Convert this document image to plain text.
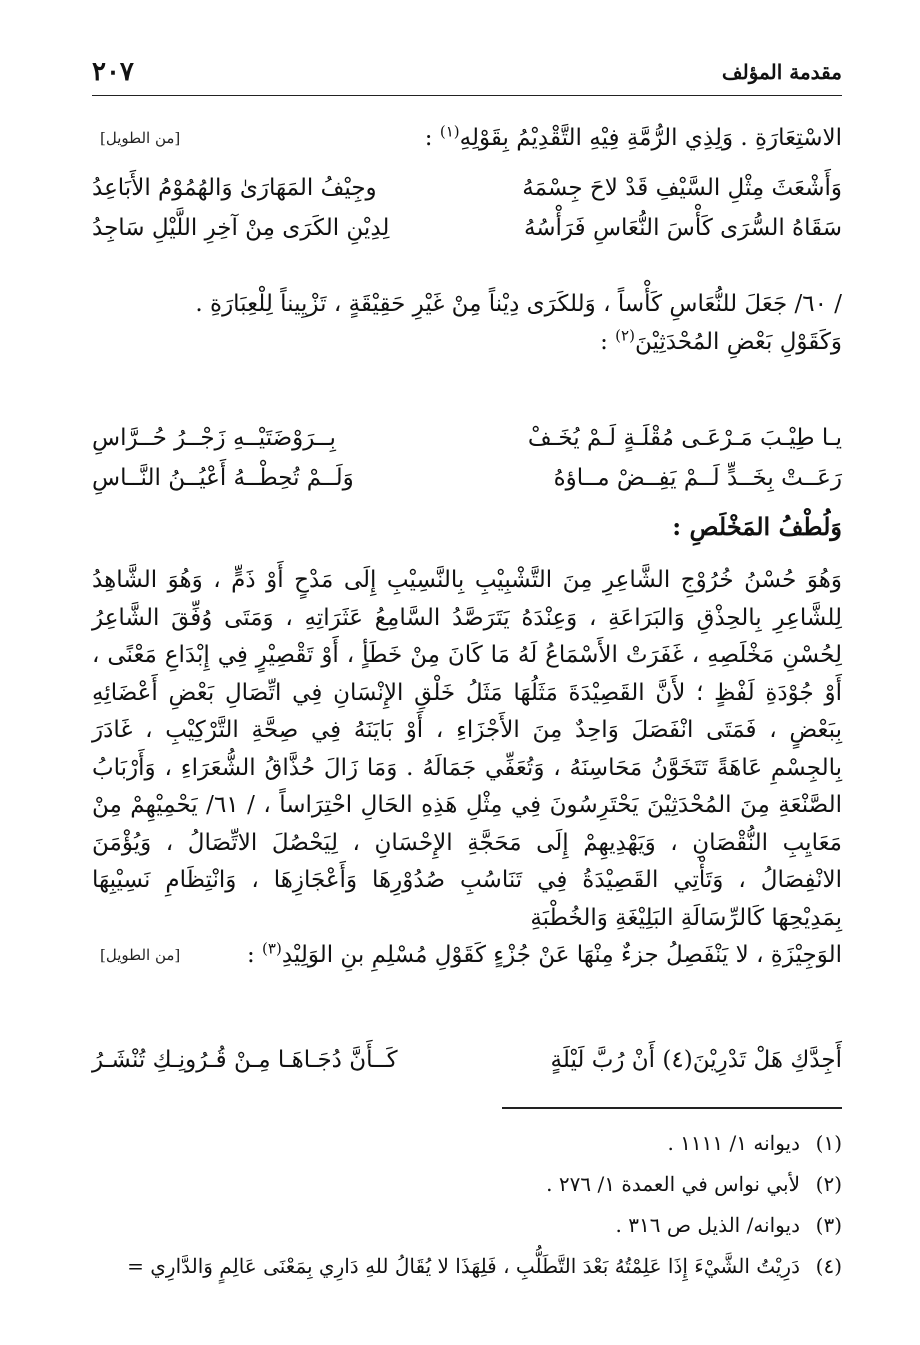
مقدمة المؤلف
٢٠٧
[من الطويل]	الاسْتِعَارَةِ . وَلِذِي الرُّمَّةِ فِيْهِ التَّقْدِيْمُ بِقَوْلِهِ$^{(١)}$ :
وَأَشْعَثَ مِثْلِ السَّيْفِ قَدْ لاحَ جِسْمَهُ
وجِيْفُ المَهَارَىٰ وَالهُمُوْمُ الأَبَاعِدُ
سَقَاهُ السُّرَى كَأْسَ النُّعَاسِ فَرَأْسُهُ
لِدِيْنِ الكَرَى مِنْ آخِرِ اللَّيْلِ سَاجِدُ

/ ٦٠/ جَعَلَ للنُّعَاسِ كَأْساً ، وَللكَرَى دِيْناً مِنْ غَيْرِ حَقِيْقَةٍ ، تَزْيِيناً لِلْعِبَارَةِ .

وَكَقَوْلِ بَعْضِ المُحْدَثِيْنَ$^{(٢)}$ :

يـا طِيْـبَ مَـرْعَـى مُقْلَـةٍ لَـمْ يُخَـفْ
بِــرَوْضَتَيْــهِ زَجْــرُ حُــرَّاسِ
رَعَــتْ بِخَــدٍّ لَــمْ يَفِــضْ مــاؤهُ
وَلَــمْ تُحِطْــهُ أَعْيُــنُ النَّــاسِ
وَلُطْفُ المَخْلَصِ :

وَهُوَ حُسْنُ خُرُوْجِ الشَّاعِرِ مِنَ التَّشْبِيْبِ بِالنَّسِيْبِ إِلَى مَدْحٍ أَوْ ذَمٍّ ، وَهُوَ الشَّاهِدُ لِلشَّاعِرِ بِالحِذْقِ وَالبَرَاعَةِ ، وَعِنْدَهُ يَتَرَصَّدُ السَّامِعُ عَثَرَاتِهِ ، وَمَتَى وُفِّقَ الشَّاعِرُ لِحُسْنِ مَخْلَصِهِ ، غَفَرَتْ الأَسْمَاعُ لَهُ مَا كَانَ مِنْ خَطَأٍ ، أَوْ تَقْصِيْرٍ فِي إِبْدَاعِ مَعْنًى ، أَوْ جُوْدَةِ لَفْظٍ ؛ لأَنَّ القَصِيْدَةَ مَثَلُهَا مَثَلُ خَلْقِ الإِنْسَانِ فِي اتِّصَالِ بَعْضِ أَعْضَائِهِ بِبَعْضٍ ، فَمَتَى انْفَصَلَ وَاحِدٌ مِنَ الأَجْزَاءِ ، أَوْ بَايَنَهُ فِي صِحَّةِ التَّرْكِيْبِ ، غَادَرَ بِالجِسْمِ عَاهَةً تَتَخَوَّنُ مَحَاسِنَهُ ، وَتُعَفِّي جَمَالَهُ . وَمَا زَالَ حُذَّاقُ الشُّعَرَاءِ ، وَأَرْبَابُ الصَّنْعَةِ مِنَ المُحْدَثِيْنَ يَحْتَرِسُونَ فِي مِثْلِ هَذِهِ الحَالِ احْتِرَاساً ، / ٦١/ يَحْمِيْهِمْ مِنْ مَعَايِبِ النُّقْصَانِ ، وَيَهْدِيهِمْ إِلَى مَحَجَّةِ الإِحْسَانِ ، لِيَحْصُلَ الاتِّصَالُ ، وَيُؤْمَنَ الانْفِصَالُ ، وَتَأْتِي القَصِيْدَةُ فِي تَنَاسُبِ صُدُوْرِهَا وَأَعْجَازِهَا ، وَانْتِظَامِ نَسِيْبِهَا بِمَدِيْحِهَا كَالرِّسَالَةِ البَلِيْغَةِ وَالخُطْبَةِ

[من الطويل]	الوَجِيْزَةِ ، لا يَنْفَصِلُ جزءٌ مِنْهَا عَنْ جُزْءٍ كَقَوْلِ مُسْلِمِ بنِ الوَلِيْدِ$^{(٣)}$ :

أَجِدَّكِ هَلْ تَدْرِيْنَ(٤) أَنْ رُبَّ لَيْلَةٍ
كَــأَنَّ دُجَـاهَـا مِـنْ قُـرُونِـكِ تُنْشَـرُ
(١)
ديوانه ١/ ١١١١ .
(٢)
لأبي نواس في العمدة ١/ ٢٧٦ .
(٣)
ديوانه/ الذيل ص ٣١٦ .
(٤)
دَرِيْتُ الشَّيْءَ إِذَا عَلِمْتُهُ بَعْدَ التَّطَلُّبِ ، فَلِهَذَا لا يُقَالُ للهِ دَارِي بِمَعْنَى عَالِمٍ وَالدَّارِي =
